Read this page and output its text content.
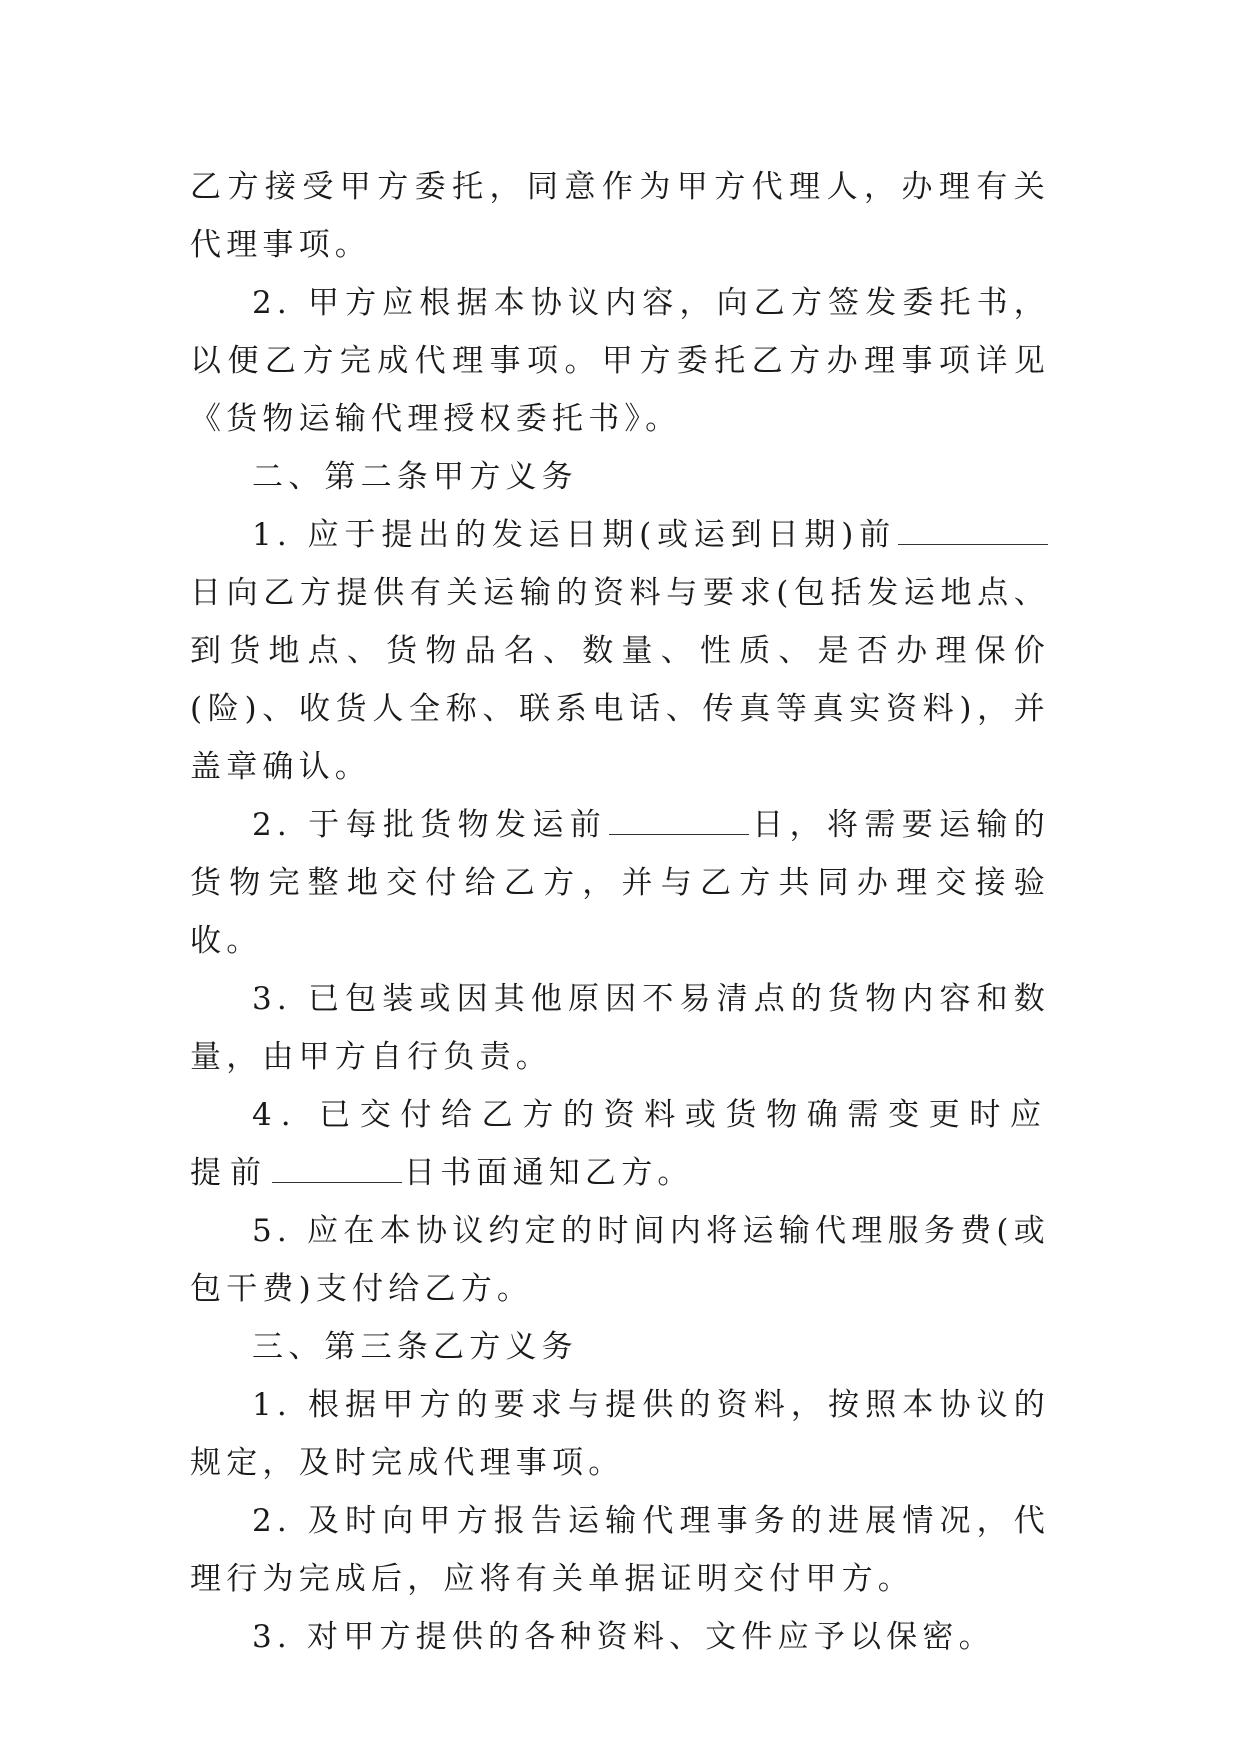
乙方接受甲方委托，同意作为甲方代理人，办理有关代理事项。

2. 甲方应根据本协议内容，向乙方签发委托书，以便乙方完成代理事项。甲方委托乙方办理事项详见《货物运输代理授权委托书》。

二、第二条甲方义务

1. 应于提出的发运日期(或运到日期)前日向乙方提供有关运输的资料与要求(包括发运地点、到货地点、货物品名、数量、性质、是否办理保价(险)、收货人全称、联系电话、传真等真实资料)，并盖章确认。

2. 于每批货物发运前	日，将需要运输的货物完整地交付给乙方，并与乙方共同办理交接验收。

3. 已包装或因其他原因不易清点的货物内容和数量，由甲方自行负责。

4. 已交付给乙方的资料或货物确需变更时应提前	日书面通知乙方。

5. 应在本协议约定的时间内将运输代理服务费(或包干费)支付给乙方。

三、第三条乙方义务

1. 根据甲方的要求与提供的资料，按照本协议的规定，及时完成代理事项。

2. 及时向甲方报告运输代理事务的进展情况，代理行为完成后，应将有关单据证明交付甲方。

3. 对甲方提供的各种资料、文件应予以保密。
